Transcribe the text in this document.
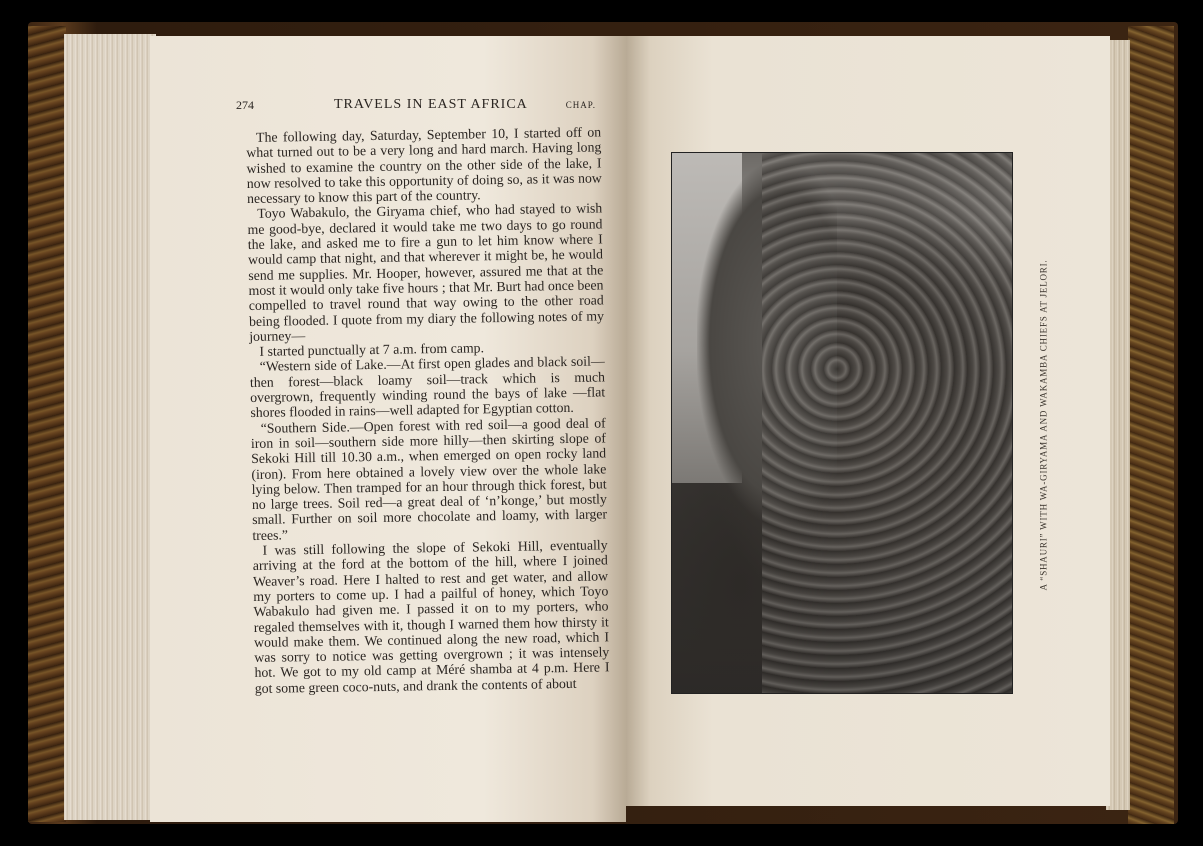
274	TRAVELS IN EAST AFRICA	CHAP.

The following day, Saturday, September 10, I started off on what turned out to be a very long and hard march. Having long wished to examine the country on the other side of the lake, I now resolved to take this opportunity of doing so, as it was now necessary to know this part of the country.

Toyo Wabakulo, the Giryama chief, who had stayed to wish me good-bye, declared it would take me two days to go round the lake, and asked me to fire a gun to let him know where I would camp that night, and that wherever it might be, he would send me supplies. Mr. Hooper, however, assured me that at the most it would only take five hours ; that Mr. Burt had once been compelled to travel round that way owing to the other road being flooded. I quote from my diary the following notes of my journey—

I started punctually at 7 a.m. from camp.

“Western side of Lake.—At first open glades and black soil—then forest—black loamy soil—track which is much overgrown, frequently winding round the bays of lake —flat shores flooded in rains—well adapted for Egyptian cotton.

“Southern Side.—Open forest with red soil—a good deal of iron in soil—southern side more hilly—then skirting slope of Sekoki Hill till 10.30 a.m., when emerged on open rocky land (iron). From here obtained a lovely view over the whole lake lying below. Then tramped for an hour through thick forest, but no large trees. Soil red—a great deal of ‘n’konge,’ but mostly small. Further on soil more chocolate and loamy, with larger trees.”

I was still following the slope of Sekoki Hill, eventually arriving at the ford at the bottom of the hill, where I joined Weaver’s road. Here I halted to rest and get water, and allow my porters to come up. I had a pailful of honey, which Toyo Wabakulo had given me. I passed it on to my porters, who regaled themselves with it, though I warned them how thirsty it would make them. We continued along the new road, which I was sorry to notice was getting overgrown ; it was intensely hot. We got to my old camp at Méré shamba at 4 p.m. Here I got some green coco-nuts, and drank the contents of about

A “SHAURI” WITH WA-GIRYAMA AND WAKAMBA CHIEFS AT JELORI.
